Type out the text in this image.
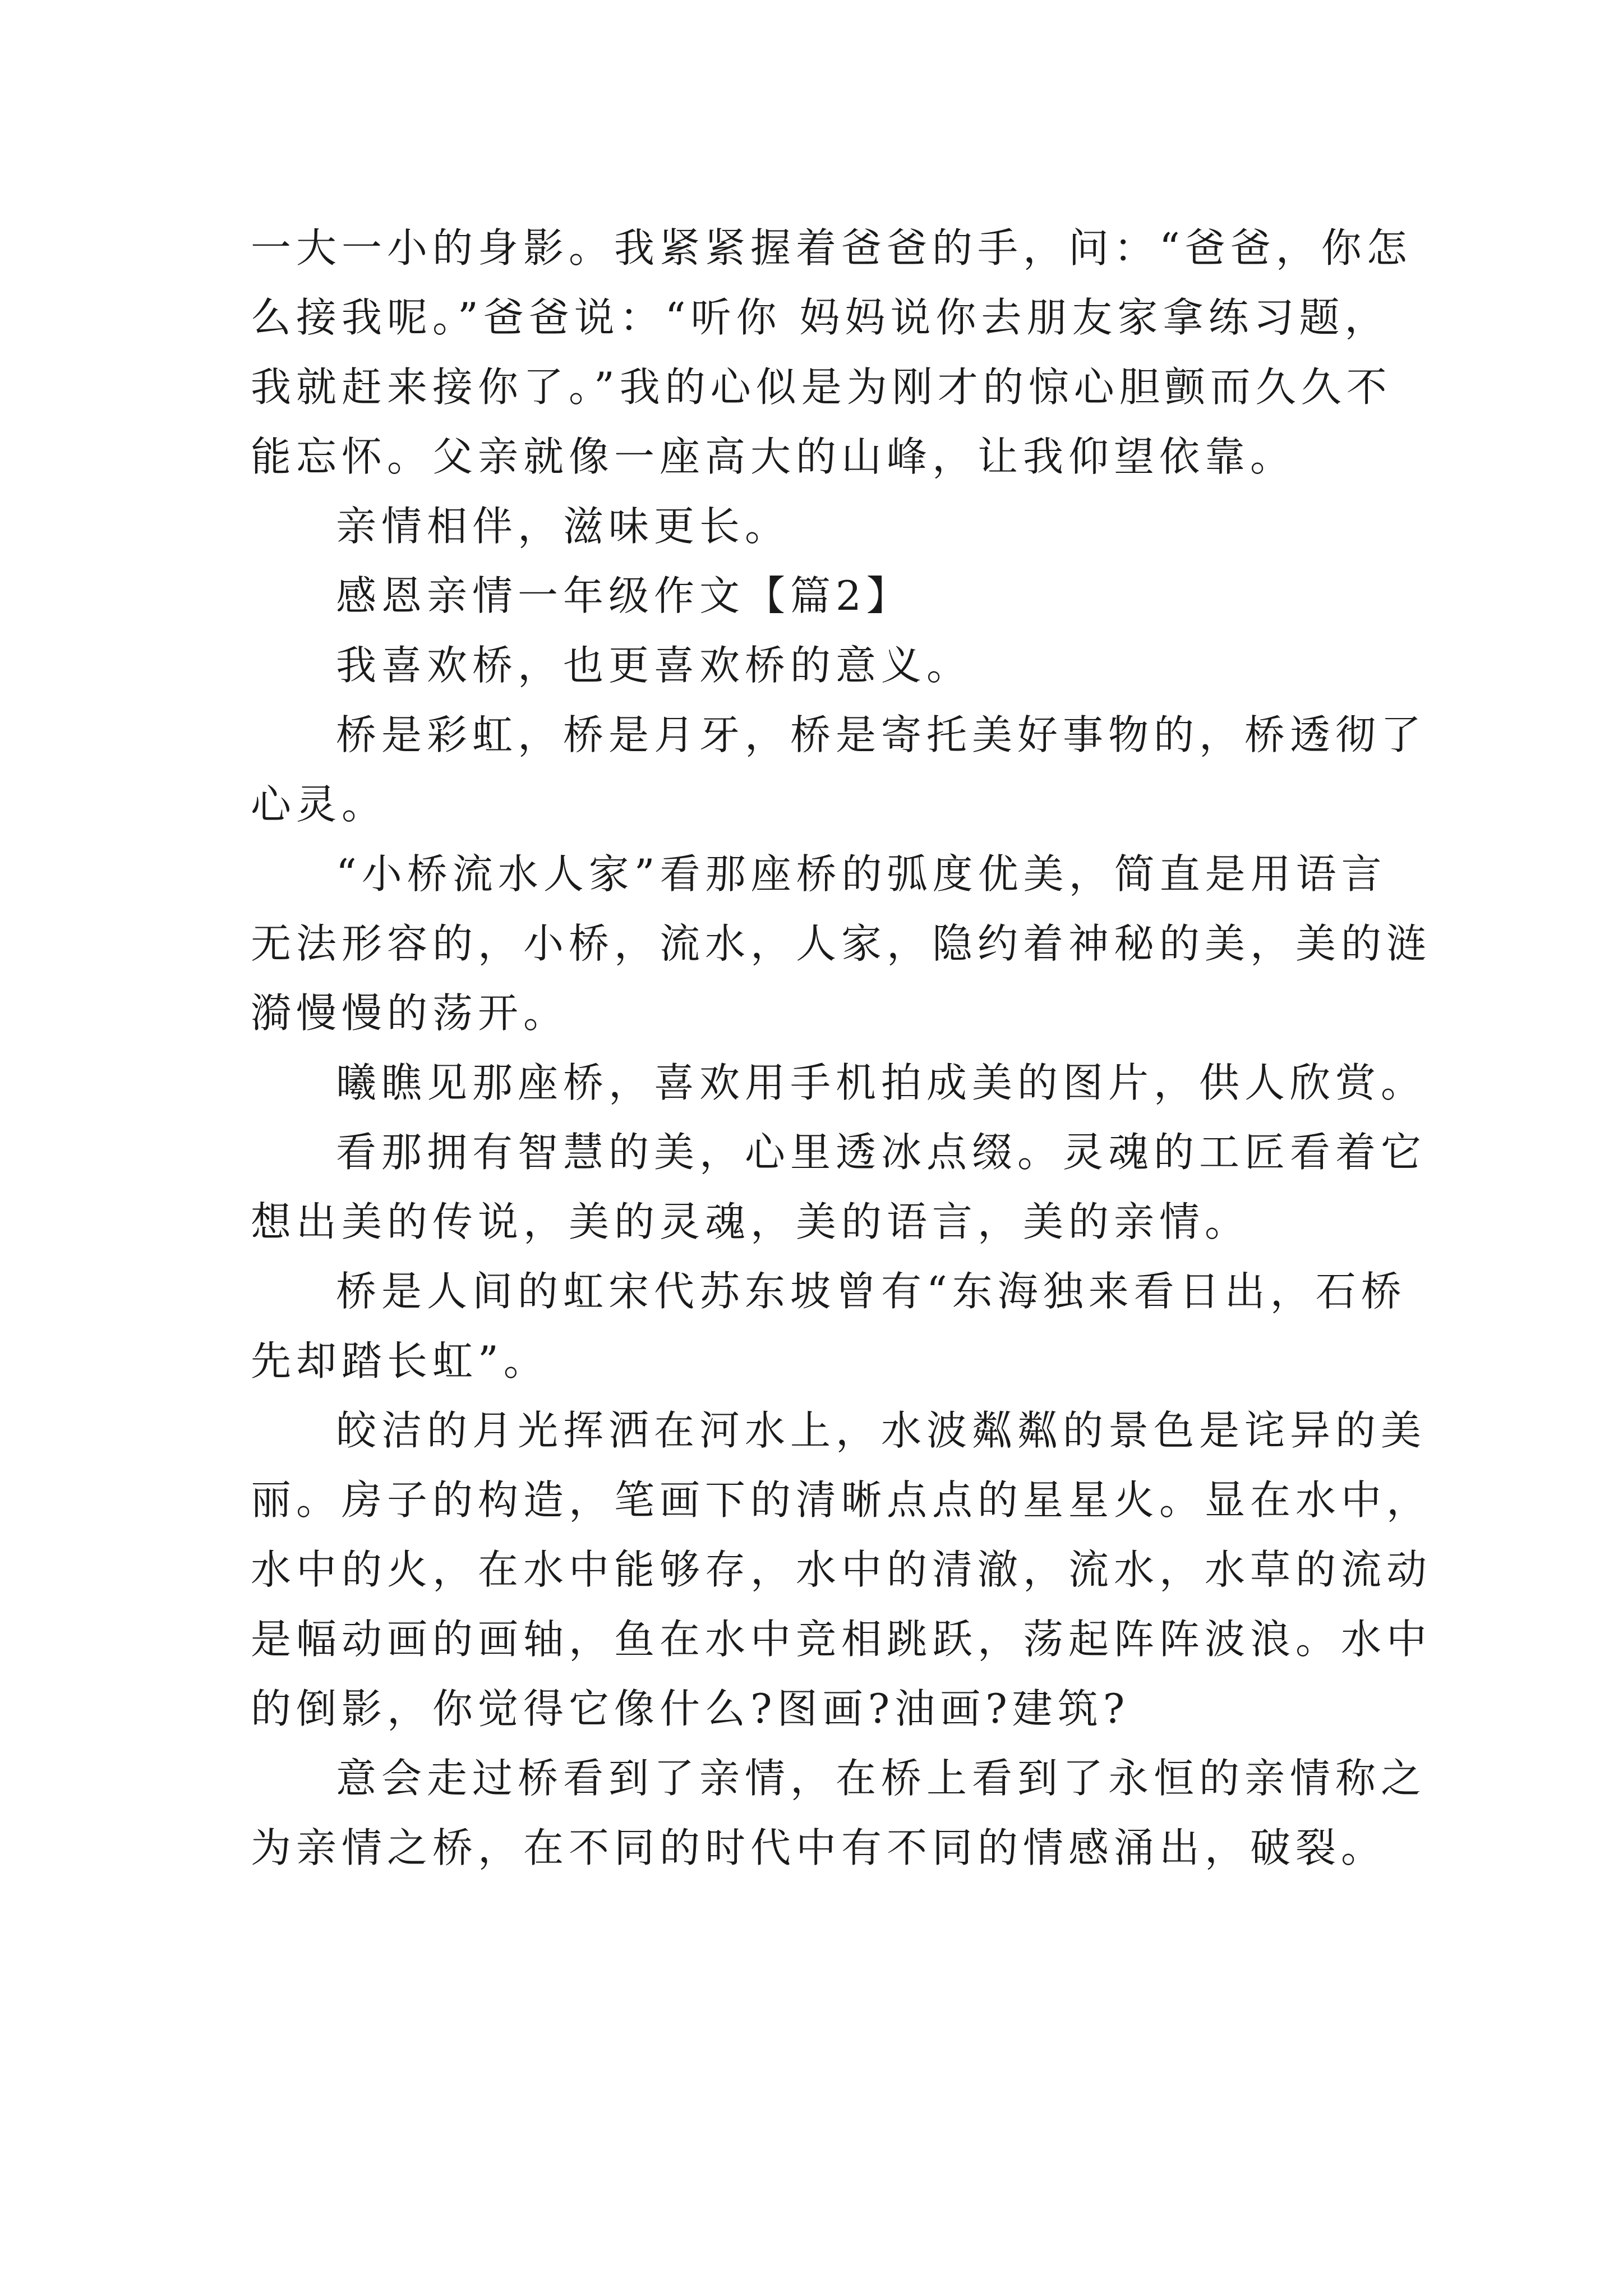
一大一小的身影。我紧紧握着爸爸的手，问：“爸爸，你怎
么接我呢。”爸爸说：“听你 妈妈说你去朋友家拿练习题，
我就赶来接你了。”我的心似是为刚才的惊心胆颤而久久不
能忘怀。父亲就像一座高大的山峰，让我仰望依靠。
亲情相伴，滋味更长。
感恩亲情一年级作文【篇2】
我喜欢桥，也更喜欢桥的意义。
桥是彩虹，桥是月牙，桥是寄托美好事物的，桥透彻了
心灵。
“小桥流水人家”看那座桥的弧度优美，简直是用语言
无法形容的，小桥，流水，人家，隐约着神秘的美，美的涟
漪慢慢的荡开。
曦瞧见那座桥，喜欢用手机拍成美的图片，供人欣赏。
看那拥有智慧的美，心里透冰点缀。灵魂的工匠看着它
想出美的传说，美的灵魂，美的语言，美的亲情。
桥是人间的虹宋代苏东坡曾有“东海独来看日出，石桥
先却踏长虹”。
皎洁的月光挥洒在河水上，水波粼粼的景色是诧异的美
丽。房子的构造，笔画下的清晰点点的星星火。显在水中，
水中的火，在水中能够存，水中的清澈，流水，水草的流动
是幅动画的画轴，鱼在水中竞相跳跃，荡起阵阵波浪。水中
的倒影，你觉得它像什么?图画?油画?建筑?
意会走过桥看到了亲情，在桥上看到了永恒的亲情称之
为亲情之桥，在不同的时代中有不同的情感涌出，破裂。
